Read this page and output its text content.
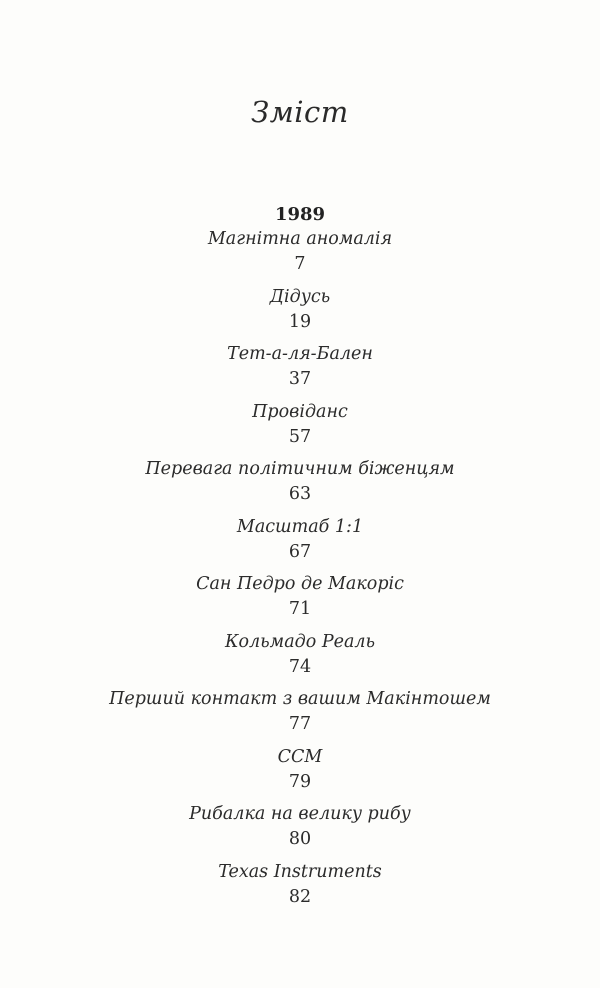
Зміст
1989
Магнітна аномалія
7
Дідусь
19
Тет-а-ля-Бален
37
Провіданс
57
Перевага політичним біженцям
63
Масштаб 1:1
67
Сан Педро де Макоріс
71
Кольмадо Реаль
74
Перший контакт з вашим Макінтошем
77
CCM
79
Рибалка на велику рибу
80
Texas Instruments
82
